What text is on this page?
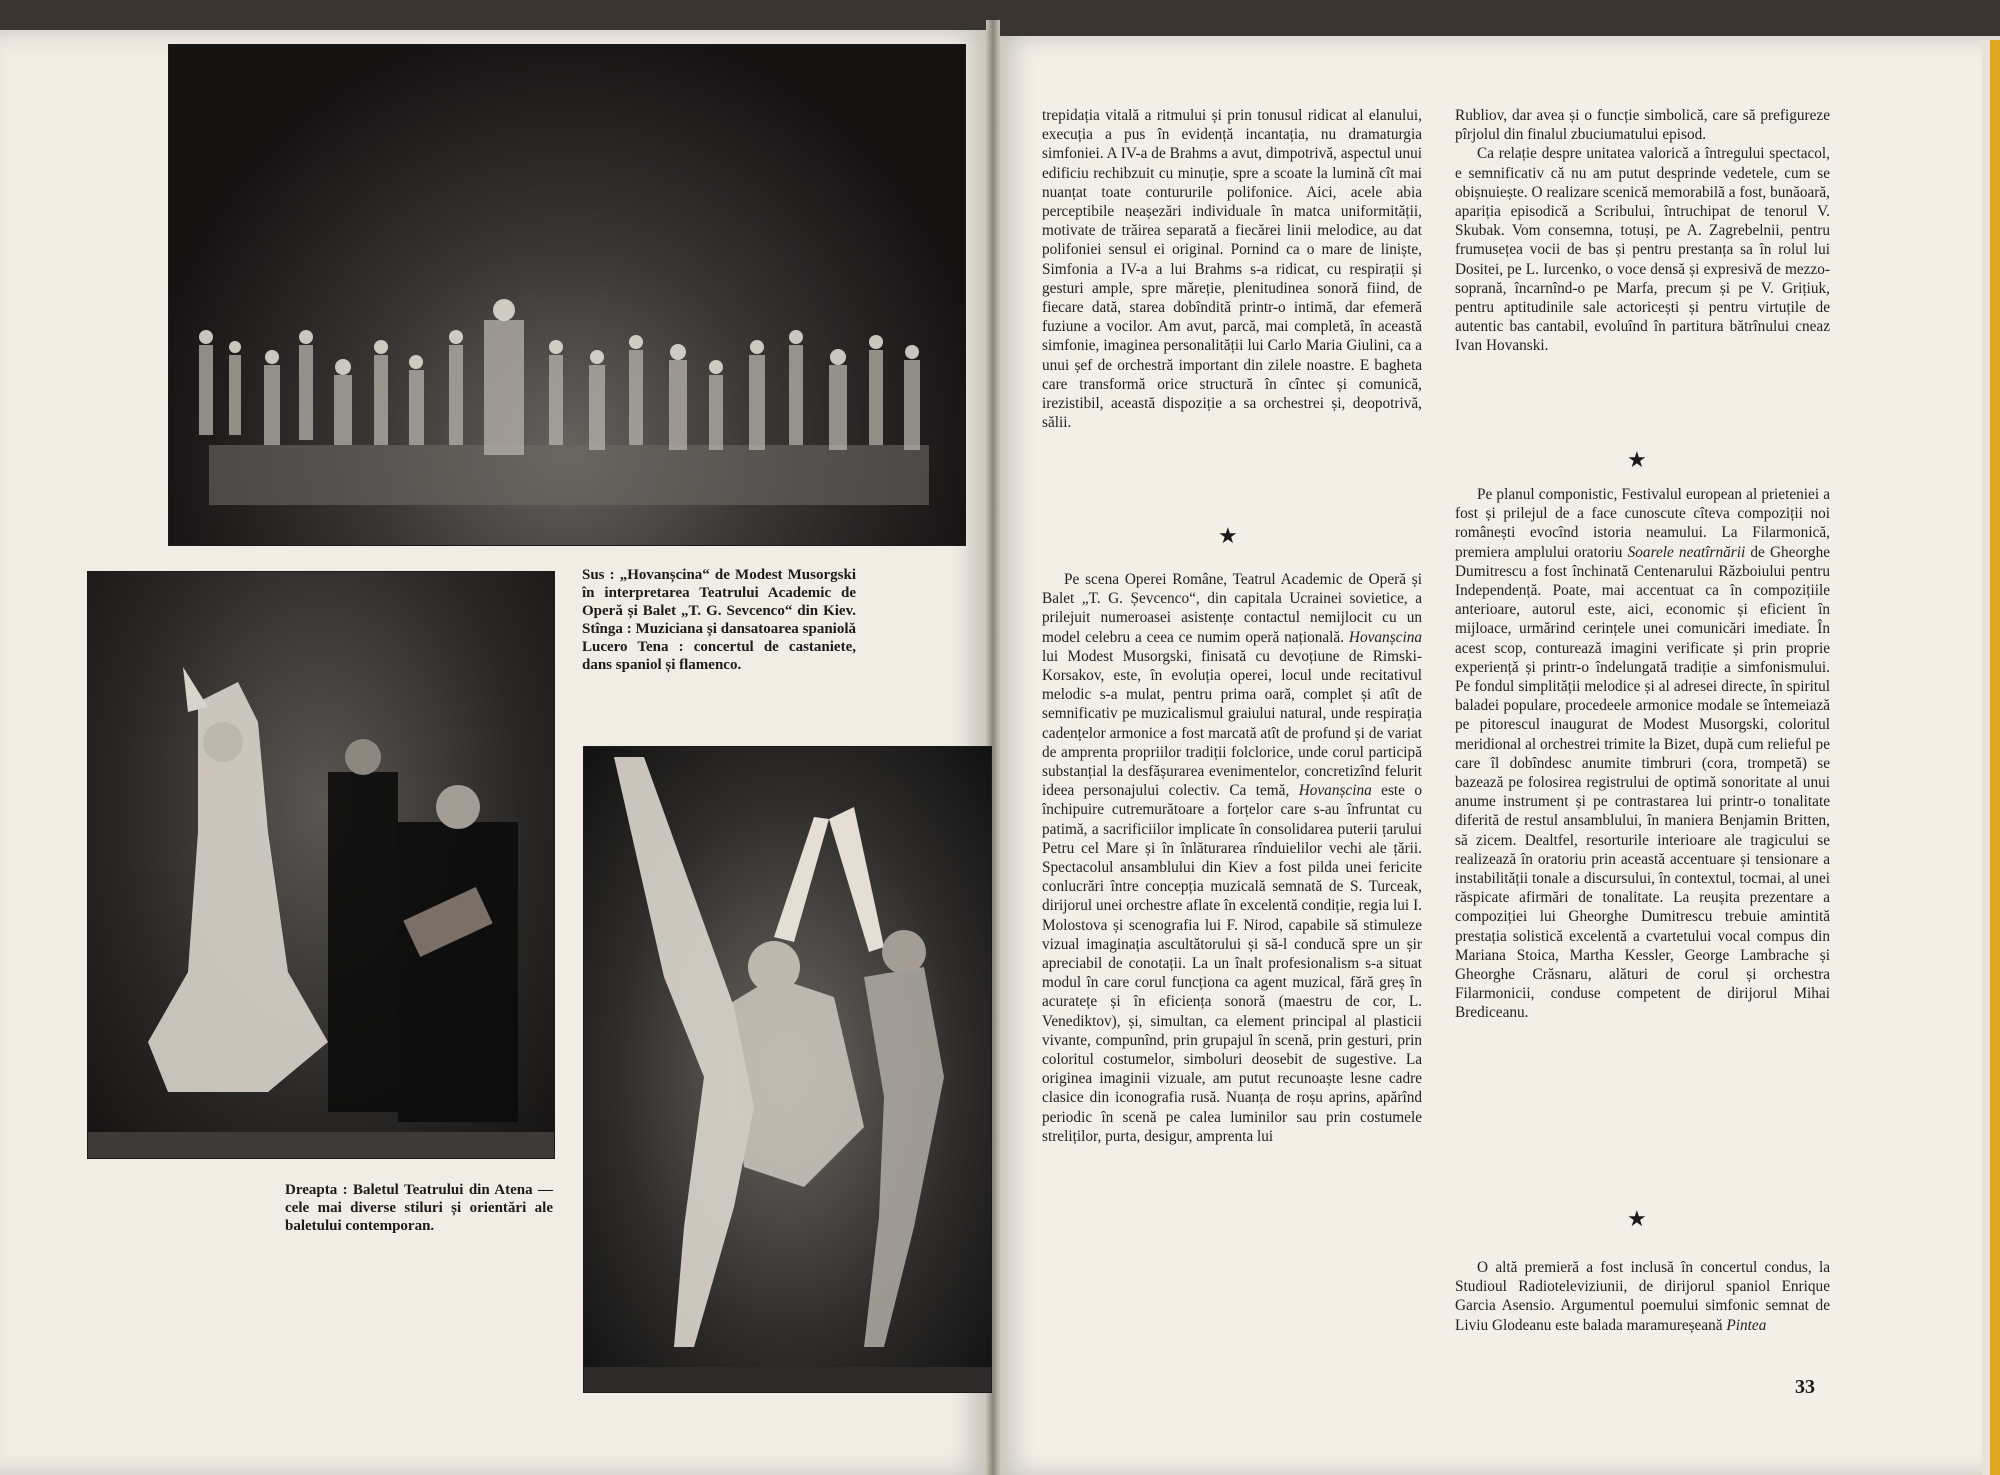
Sus : „Hovanșcina“ de Modest Musorgski în interpretarea Teatrului Academic de Operă și Balet „T. G. Sevcenco“ din Kiev. Stînga : Muziciana și dansatoarea spaniolă Lucero Tena : concertul de castaniete, dans spaniol și flamenco.
Dreapta : Baletul Teatrului din Atena — cele mai diverse stiluri și orientări ale baletului contemporan.

trepidația vitală a ritmului și prin tonusul ridicat al elanului, execuția a pus în evidență incantația, nu dramaturgia simfoniei. A IV-a de Brahms a avut, dimpotrivă, aspectul unui edificiu rechibzuit cu minuție, spre a scoate la lumină cît mai nuanțat toate contururile polifonice. Aici, acele abia perceptibile neașezări individuale în matca uniformității, motivate de trăirea separată a fiecărei linii melodice, au dat polifoniei sensul ei original. Pornind ca o mare de liniște, Simfonia a IV-a a lui Brahms s-a ridicat, cu respirații și gesturi ample, spre măreție, plenitudinea sonoră fiind, de fiecare dată, starea dobîndită printr-o intimă, dar efemeră fuziune a vocilor. Am avut, parcă, mai completă, în această simfonie, imaginea personalității lui Carlo Maria Giulini, ca a unui șef de orchestră important din zilele noastre. E bagheta care transformă orice structură în cîntec și comunică, irezistibil, această dispoziție a sa orchestrei și, deopotrivă, sălii.

★

Pe scena Operei Române, Teatrul Academic de Operă și Balet „T. G. Șevcenco“, din capitala Ucrainei sovietice, a prilejuit numeroasei asistențe contactul nemijlocit cu un model celebru a ceea ce numim operă națională. Hovanșcina lui Modest Musorgski, finisată cu devoțiune de Rimski-Korsakov, este, în evoluția operei, locul unde recitativul melodic s-a mulat, pentru prima oară, complet și atît de semnificativ pe muzicalismul graiului natural, unde respirația cadențelor armonice a fost marcată atît de profund și de variat de amprenta propriilor tradiții folclorice, unde corul participă substanțial la desfășurarea evenimentelor, concretizînd felurit ideea personajului colectiv. Ca temă, Hovanșcina este o închipuire cutremurătoare a forțelor care s-au înfruntat cu patimă, a sacrificiilor implicate în consolidarea puterii țarului Petru cel Mare și în înlăturarea rînduielilor vechi ale țării. Spectacolul ansamblului din Kiev a fost pilda unei fericite conlucrări între concepția muzicală semnată de S. Turceak, dirijorul unei orchestre aflate în excelentă condiție, regia lui I. Molostova și scenografia lui F. Nirod, capabile să stimuleze vizual imaginația ascultătorului și să-l conducă spre un șir apreciabil de conotații. La un înalt profesionalism s-a situat modul în care corul funcționa ca agent muzical, fără greș în acuratețe și în eficiența sonoră (maestru de cor, L. Venediktov), și, simultan, ca element principal al plasticii vivante, compunînd, prin grupajul în scenă, prin gesturi, prin coloritul costumelor, simboluri deosebit de sugestive. La originea imaginii vizuale, am putut recunoaște lesne cadre clasice din iconografia rusă. Nuanța de roșu aprins, apărînd periodic în scenă pe calea luminilor sau prin costumele streliților, purta, desigur, amprenta lui

Rubliov, dar avea și o funcție simbolică, care să prefigureze pîrjolul din finalul zbuciumatului episod.

Ca relație despre unitatea valorică a întregului spectacol, e semnificativ că nu am putut desprinde vedetele, cum se obișnuiește. O realizare scenică memorabilă a fost, bunăoară, apariția episodică a Scribului, întruchipat de tenorul V. Skubak. Vom consemna, totuși, pe A. Zagrebelnii, pentru frumusețea vocii de bas și pentru prestanța sa în rolul lui Dositei, pe L. Iurcenko, o voce densă și expresivă de mezzo-soprană, încarnînd-o pe Marfa, precum și pe V. Grițiuk, pentru aptitudinile sale actoricești și pentru virtuțile de autentic bas cantabil, evoluînd în partitura bătrînului cneaz Ivan Hovanski.

★

Pe planul componistic, Festivalul european al prieteniei a fost și prilejul de a face cunoscute cîteva compoziții noi românești evocînd istoria neamului. La Filarmonică, premiera amplului oratoriu Soarele neatîrnării de Gheorghe Dumitrescu a fost închinată Centenarului Războiului pentru Independență. Poate, mai accentuat ca în compozițiile anterioare, autorul este, aici, economic și eficient în mijloace, urmărind cerințele unei comunicări imediate. În acest scop, conturează imagini verificate și prin proprie experiență și printr-o îndelungată tradiție a simfonismului. Pe fondul simplității melodice și al adresei directe, în spiritul baladei populare, procedeele armonice modale se întemeiază pe pitorescul inaugurat de Modest Musorgski, coloritul meridional al orchestrei trimite la Bizet, după cum relieful pe care îl dobîndesc anumite timbruri (cora, trompetă) se bazează pe folosirea registrului de optimă sonoritate al unui anume instrument și pe contrastarea lui printr-o tonalitate diferită de restul ansamblului, în maniera Benjamin Britten, să zicem. Dealtfel, resorturile interioare ale tragicului se realizează în oratoriu prin această accentuare și tensionare a instabilității tonale a discursului, în contextul, tocmai, al unei răspicate afirmări de tonalitate. La reușita prezentare a compoziției lui Gheorghe Dumitrescu trebuie amintită prestația solistică excelentă a cvartetului vocal compus din Mariana Stoica, Martha Kessler, George Lambrache și Gheorghe Crăsnaru, alături de corul și orchestra Filarmonicii, conduse competent de dirijorul Mihai Brediceanu.

★

O altă premieră a fost inclusă în concertul condus, la Studioul Radioteleviziunii, de dirijorul spaniol Enrique Garcia Asensio. Argumentul poemului simfonic semnat de Liviu Glodeanu este balada maramureșeană Pintea

33
